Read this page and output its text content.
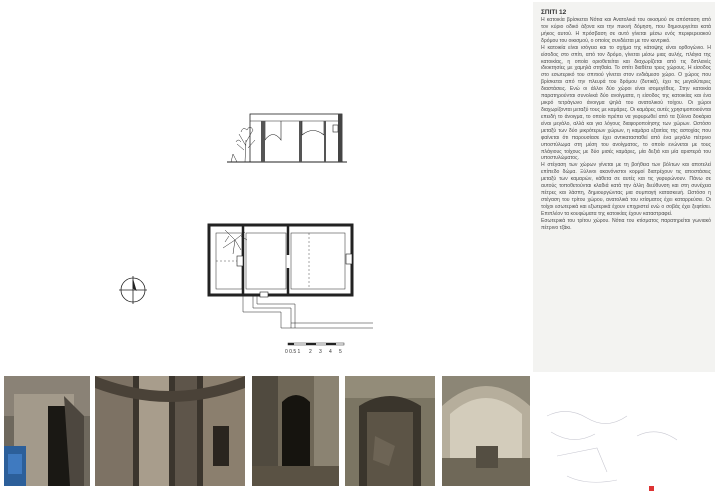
0 0.5 1 2 3 4 5
ΣΠΙΤΙ 12
Η κατοικία βρίσκεται Νότια και Ανατολικά του οικισμού σε απόσταση από τον κύριο οδικό άξονα και την πυκνή δόμηση, που δημιουργείται κατά μήκος αυτού. Η πρόσβαση σε αυτό γίνεται μέσω ενός περιφερειακού δρόμου του οικισμού, ο οποίος συνδέεται με τον κεντρικό.
Η κατοικία είναι ισόγεια και το σχήμα της κάτοψης είναι ορθογώνιο. Η είσοδος στο σπίτι, από τον δρόμο, γίνεται μέσω μιας αυλής, πλάγια της κατοικίας, η οποία οριοθετείται και διαχωρίζεται από τις διπλανές ιδιοκτησίες με χαμηλά στηθαία. Το σπίτι διαθέτει τρεις χώρους. Η είσοδος στο εσωτερικό του σπιτιού γίνεται στον ενδιάμεσο χώρο. Ο χώρος που βρίσκεται από την πλευρά του δρόμου (δυτικά), έχει τις μεγαλύτερες διαστάσεις. Ενώ οι άλλοι δύο χώροι είναι ισομεγέθεις. Στην κατοικία παρατηρούνται συνολικά δύο ανοίγματα, η είσοδος της κατοικίας και ένα μικρό τετράγωνο άνοιγμα ψηλά του ανατολικού τοίχου. Οι χώροι διαχωρίζονται μεταξύ τους με καμάρες. Οι καμάρες αυτές χρησιμοποιούνται επειδή το άνοιγμα, το οποίο πρέπει να γεφυρωθεί από τα ξύλινα δοκάρια είναι μεγάλο, αλλά και για λόγους διαφοροποίησης των χώρων. Ωστόσο μεταξύ των δύο μικρότερων χώρων, η καμάρα εξαιτίας της αστοχίας που φαίνεται ότι παρουσίασε έχει αντικατασταθεί από ένα μεγάλο πέτρινο υποστύλωμα στη μέση του ανοίγματος, το οποίο ενώνεται με τους πλάγιους τοίχους με δύο μισές καμάρες, μία δεξιά και μία αριστερά του υποστυλώματος.
Η στέγαση των χώρων γίνεται με τη βοήθεια των βόλτων και αποτελεί επίπεδο δώμα. Ξύλινοι ακανόνιστοι κορμοί διατρέχουν τις αποστάσεις μεταξύ των καμαρών, κάθετα σε αυτές και τις γεφυρώνουν. Πάνω σε αυτούς τοποθετούνται κλαδιά κατά την άλλη διεύθυνση και στη συνέχεια πέτρες και λάσπη, δημιουργώντας μια συμπαγή κατασκευή. Ωστόσο η στέγαση του τρίτου χώρου, ανατολικά του κτίσματος έχει καταρρεύσει. Οι τοίχοι εσωτερικά και εξωτερικά έχουν επιχριστεί ενώ ο σοβάς έχει ξεφτίσει. Επιπλέον τα κουφώματα της κατοικίας έχουν καταστραφεί.
Εσωτερικά του τρίτου χώρου. Νότια του κτίσματος παρατηρείται γωνιακό πέτρινο τζάκι.
